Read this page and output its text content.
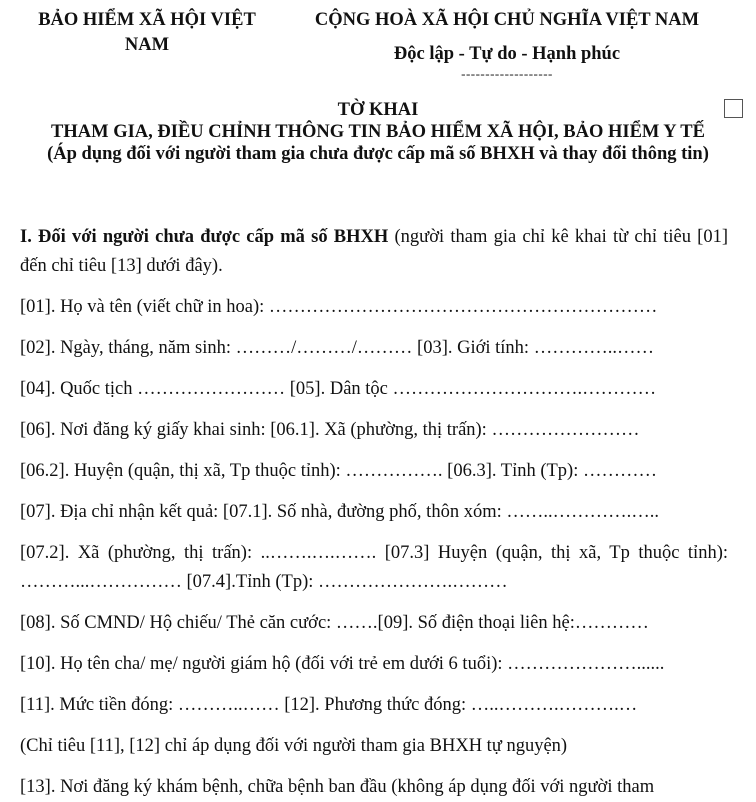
BẢO HIỂM XÃ HỘI VIỆT NAM
CỘNG HOÀ XÃ HỘI CHỦ NGHĨA VIỆT NAM
Độc lập - Tự do - Hạnh phúc
-------------------
TỜ KHAI
THAM GIA, ĐIỀU CHỈNH THÔNG TIN BẢO HIỂM XÃ HỘI, BẢO HIỂM Y TẾ
(Áp dụng đối với người tham gia chưa được cấp mã số BHXH và thay đổi thông tin)

I. Đối với người chưa được cấp mã số BHXH (người tham gia chỉ kê khai từ chỉ tiêu [01] đến chỉ tiêu [13] dưới đây).

[01]. Họ và tên (viết chữ in hoa): ………………………………………………………

[02]. Ngày, tháng, năm sinh: ………/………/……… [03]. Giới tính: …………..……

[04]. Quốc tịch …………………… [05]. Dân tộc ………………………….…………

[06]. Nơi đăng ký giấy khai sinh: [06.1]. Xã (phường, thị trấn): ……………………

[06.2]. Huyện (quận, thị xã, Tp thuộc tỉnh): ……………. [06.3]. Tỉnh (Tp): …………

[07]. Địa chỉ nhận kết quả: [07.1]. Số nhà, đường phố, thôn xóm: ……..………….…..

[07.2]. Xã (phường, thị trấn): ..…….….……. [07.3] Huyện (quận, thị xã, Tp thuộc tỉnh): ………...…………… [07.4].Tỉnh (Tp): ………………….………

[08]. Số CMND/ Hộ chiếu/ Thẻ căn cước: …….[09]. Số điện thoại liên hệ:…………

[10]. Họ tên cha/ mẹ/ người giám hộ (đối với trẻ em dưới 6 tuổi): …………………......

[11]. Mức tiền đóng: ………..…… [12]. Phương thức đóng: …..……….……….…

(Chỉ tiêu [11], [12] chỉ áp dụng đối với người tham gia BHXH tự nguyện)

[13]. Nơi đăng ký khám bệnh, chữa bệnh ban đầu (không áp dụng đối với người tham
